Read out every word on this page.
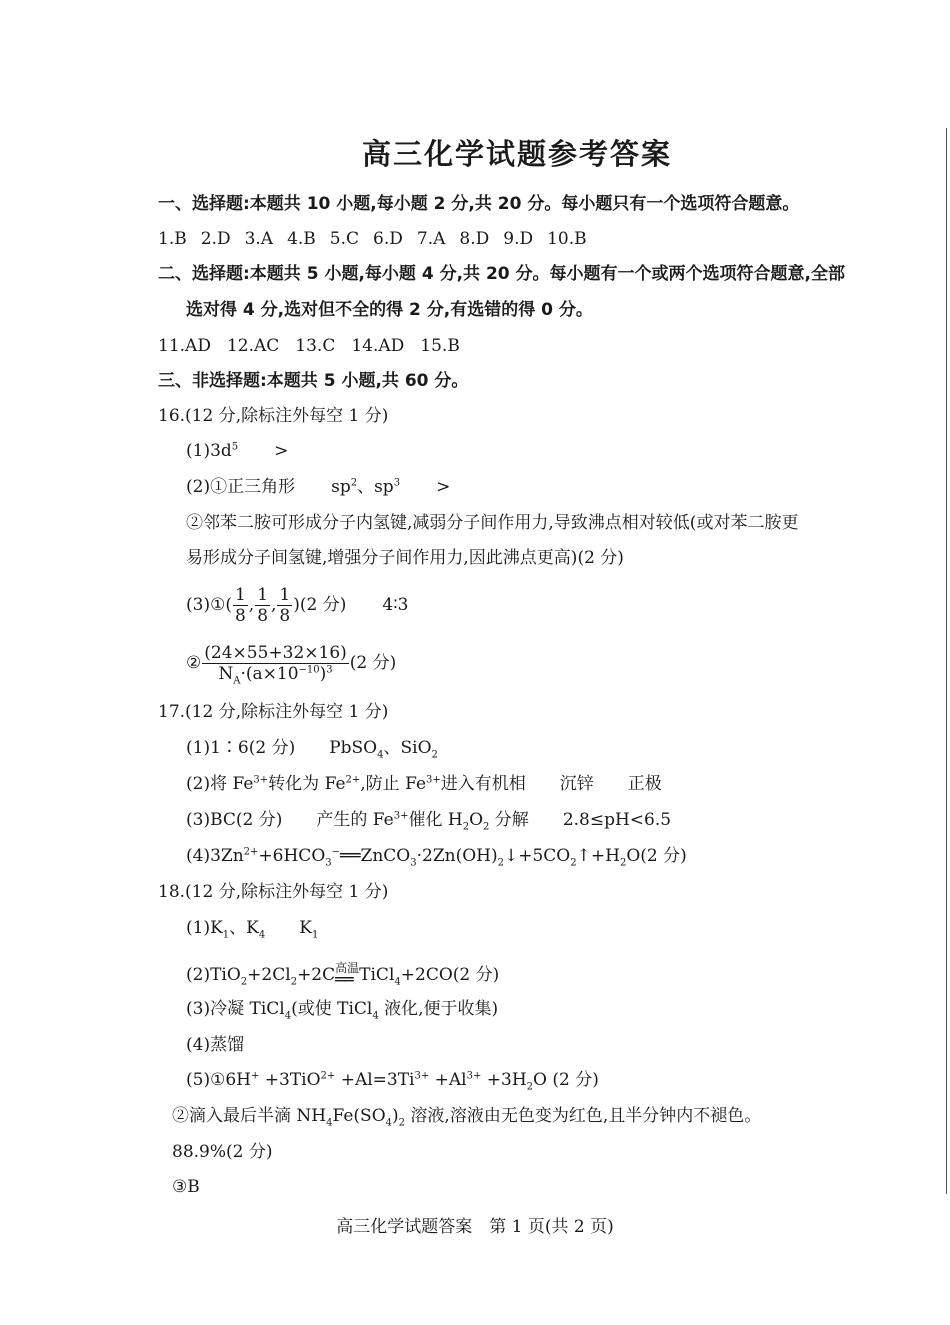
高三化学试题参考答案
一、选择题:本题共 10 小题,每小题 2 分,共 20 分。每小题只有一个选项符合题意。
1.B 2.D 3.A 4.B 5.C 6.D 7.A 8.D 9.D 10.B
二、选择题:本题共 5 小题,每小题 4 分,共 20 分。每小题有一个或两个选项符合题意,全部
选对得 4 分,选对但不全的得 2 分,有选错的得 0 分。
11.AD 12.AC 13.C 14.AD 15.B
三、非选择题:本题共 5 小题,共 60 分。
16.(12 分,除标注外每空 1 分)
$(1)3d^5$ >
(2)①正三角形 $sp^2$、$sp^3$ >
②邻苯二胺可形成分子内氢键,减弱分子间作用力,导致沸点相对较低(或对苯二胺更
易形成分子间氢键,增强分子间作用力,因此沸点更高)(2 分)
(3)①( $\frac{1}{8}$ , $\frac{1}{8}$ , $\frac{1}{8} )(2$ 分) 4∶3
② $\frac{(24\times 55+32\times 16)}{N_A\cdot(a\times 10^{-10})^3} (2$ 分)
17.(12 分,除标注外每空 1 分)
(1)1∶6(2 分) PbSO$_4$、SiO$_2$
(2)将 $Fe^{3+}$转化为 $Fe^{2+}$,防止 $Fe^{3+}$进入有机相 沉锌 正极
(3)BC(2 分) 产生的 $Fe^{3+}$催化 $H_2O_2$ 分解 2.8≤pH<6.5
$(4)3Zn^{2+}+6HCO_3^-══ZnCO_3\cdot 2Zn(OH)_2↓+5CO_2↑+H_2O(2$ 分)
18.(12 分,除标注外每空 1 分)
$(1)K_1$、$K_4$ $K_1$
$(2)TiO_2+2Cl_2+2C$ 高温
══ TiCl$_4$+2CO(2 分)
(3)冷凝 TiCl$_4$(或使 TiCl$_4$ 液化,便于收集)
(4)蒸馏
(5)①6H+ $+3TiO^{2+} +Al=3Ti^{3+} +Al^{3+} +3H_2O$ (2 分)
②滴入最后半滴 $NH_4Fe(SO_4)_2$ 溶液,溶液由无色变为红色,且半分钟内不褪色。
88.9%(2 分)
③B
高三化学试题答案　第 1 页(共 2 页)
